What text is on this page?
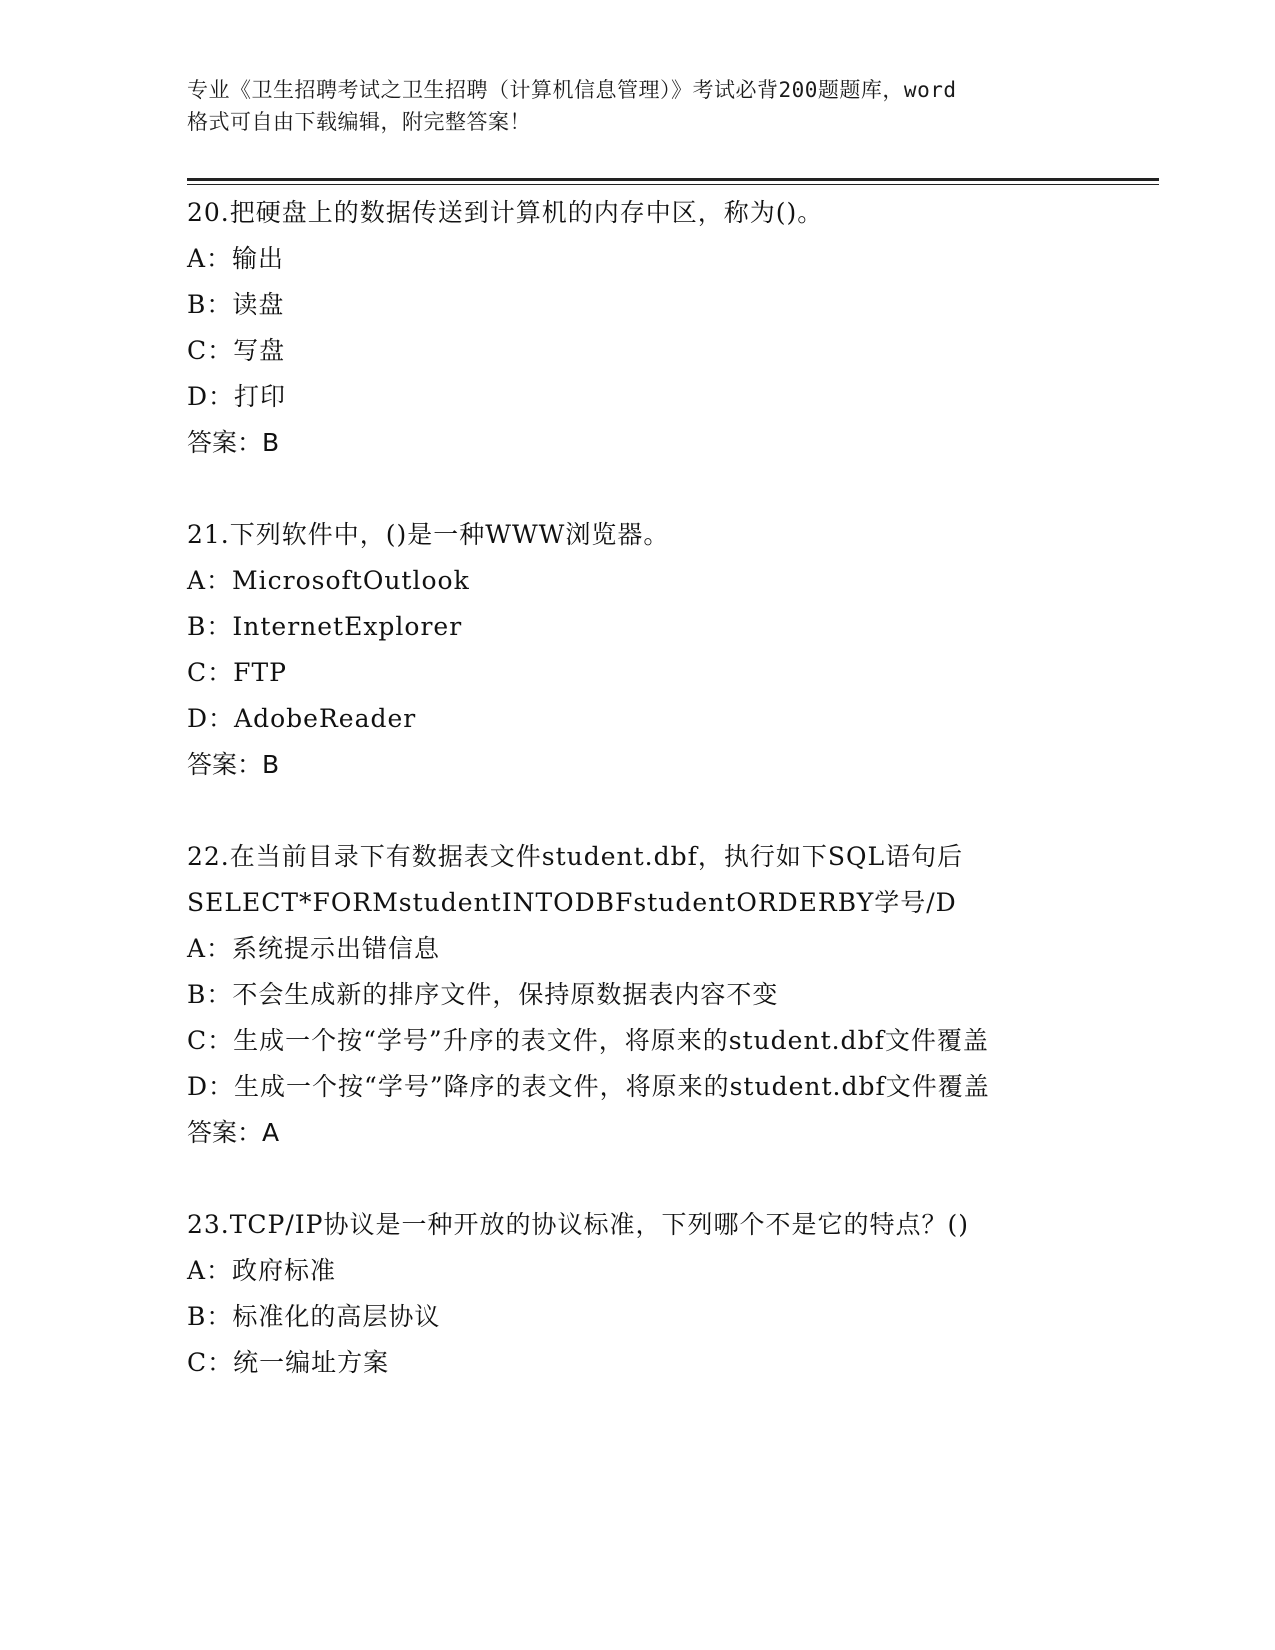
专业《卫生招聘考试之卫生招聘（计算机信息管理）》考试必背200题题库，word
格式可自由下载编辑，附完整答案！
20.把硬盘上的数据传送到计算机的内存中区，称为()。
A：输出
B：读盘
C：写盘
D：打印
答案：B
21.下列软件中，()是一种WWW浏览器。
A：MicrosoftOutlook
B：InternetExplorer
C：FTP
D：AdobeReader
答案：B
22.在当前目录下有数据表文件student.dbf，执行如下SQL语句后SELECT*FORMstudentINTODBFstudentORDERBY学号/D
A：系统提示出错信息
B：不会生成新的排序文件，保持原数据表内容不变
C：生成一个按“学号”升序的表文件，将原来的student.dbf文件覆盖
D：生成一个按“学号”降序的表文件，将原来的student.dbf文件覆盖
答案：A
23.TCP/IP协议是一种开放的协议标准，下列哪个不是它的特点？()
A：政府标准
B：标准化的高层协议
C：统一编址方案
